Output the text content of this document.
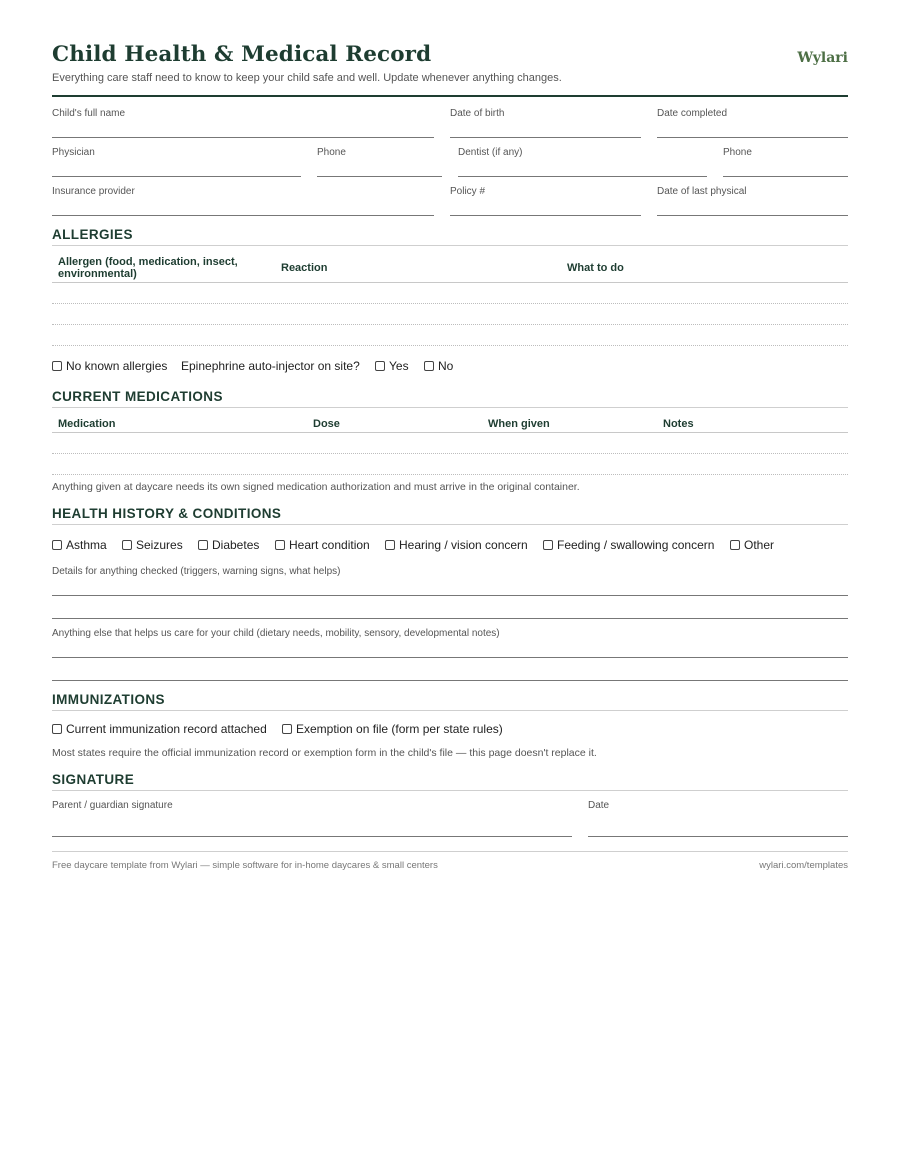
Child Health & Medical Record	Wylari
Everything care staff need to know to keep your child safe and well. Update whenever anything changes.
Child's full name	Date of birth	Date completed
Physician	Phone	Dentist (if any)	Phone
Insurance provider	Policy #	Date of last physical
ALLERGIES
Allergen (food, medication, insect, environmental)	Reaction	What to do
No known allergies Epinephrine auto-injector on site? Yes No
CURRENT MEDICATIONS
Medication	Dose	When given	Notes
Anything given at daycare needs its own signed medication authorization and must arrive in the original container.
HEALTH HISTORY & CONDITIONS
Asthma Seizures Diabetes Heart condition Hearing / vision concern Feeding / swallowing concern Other
Details for anything checked (triggers, warning signs, what helps)
Anything else that helps us care for your child (dietary needs, mobility, sensory, developmental notes)
IMMUNIZATIONS
Current immunization record attached Exemption on file (form per state rules)
Most states require the official immunization record or exemption form in the child's file — this page doesn't replace it.
SIGNATURE
Parent / guardian signature	Date
Free daycare template from Wylari — simple software for in-home daycares & small centers	wylari.com/templates
